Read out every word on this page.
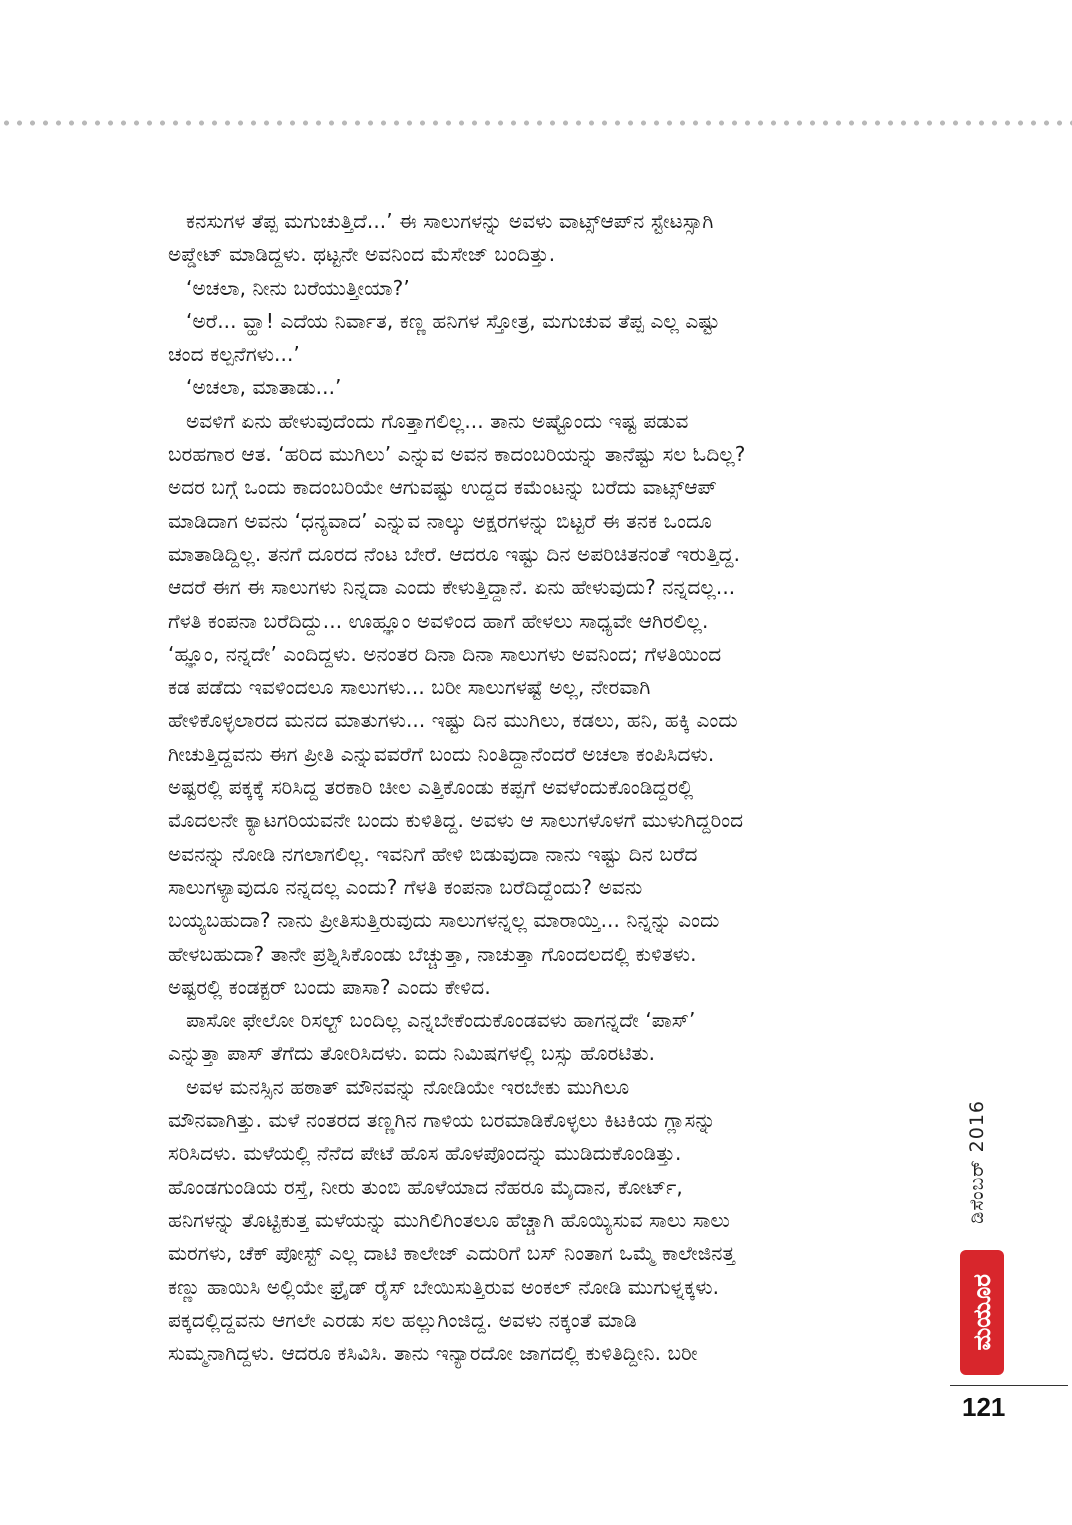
ಕನಸುಗಳ ತೆಪ್ಪ ಮಗುಚುತ್ತಿದೆ...’ ಈ ಸಾಲುಗಳನ್ನು ಅವಳು ವಾಟ್ಸ್‌ಆಪ್‌ನ ಸ್ಟೇಟಸ್ಸಾಗಿ
ಅಪ್ಡೇಟ್ ಮಾಡಿದ್ದಳು. ಥಟ್ಟನೇ ಅವನಿಂದ ಮೆಸೇಜ್ ಬಂದಿತ್ತು.
‘ಅಚಲಾ, ನೀನು ಬರೆಯುತ್ತೀಯಾ?’
‘ಅರೆ... ವ್ಹಾ! ಎದೆಯ ನಿರ್ವಾತ, ಕಣ್ಣ ಹನಿಗಳ ಸ್ತೋತ್ರ, ಮಗುಚುವ ತೆಪ್ಪ ಎಲ್ಲ ಎಷ್ಟು
ಚಂದ ಕಲ್ಪನೆಗಳು...’
‘ಅಚಲಾ, ಮಾತಾಡು...’
ಅವಳಿಗೆ ಏನು ಹೇಳುವುದೆಂದು ಗೊತ್ತಾಗಲಿಲ್ಲ... ತಾನು ಅಷ್ಟೊಂದು ಇಷ್ಟ ಪಡುವ
ಬರಹಗಾರ ಆತ. ‘ಹರಿದ ಮುಗಿಲು’ ಎನ್ನುವ ಅವನ ಕಾದಂಬರಿಯನ್ನು ತಾನೆಷ್ಟು ಸಲ ಓದಿಲ್ಲ?
ಅದರ ಬಗ್ಗೆ ಒಂದು ಕಾದಂಬರಿಯೇ ಆಗುವಷ್ಟು ಉದ್ದದ ಕಮೆಂಟನ್ನು ಬರೆದು ವಾಟ್ಸ್‌ಆಪ್
ಮಾಡಿದಾಗ ಅವನು ‘ಧನ್ಯವಾದ’ ಎನ್ನುವ ನಾಲ್ಕು ಅಕ್ಷರಗಳನ್ನು ಬಿಟ್ಟರೆ ಈ ತನಕ ಒಂದೂ
ಮಾತಾಡಿದ್ದಿಲ್ಲ. ತನಗೆ ದೂರದ ನೆಂಟ ಬೇರೆ. ಆದರೂ ಇಷ್ಟು ದಿನ ಅಪರಿಚಿತನಂತೆ ಇರುತ್ತಿದ್ದ.
ಆದರೆ ಈಗ ಈ ಸಾಲುಗಳು ನಿನ್ನದಾ ಎಂದು ಕೇಳುತ್ತಿದ್ದಾನೆ. ಏನು ಹೇಳುವುದು? ನನ್ನದಲ್ಲ...
ಗೆಳತಿ ಕಂಪನಾ ಬರೆದಿದ್ದು... ಊಹ್ಞೂಂ ಅವಳಿಂದ ಹಾಗೆ ಹೇಳಲು ಸಾಧ್ಯವೇ ಆಗಿರಲಿಲ್ಲ.
‘ಹ್ಞೂಂ, ನನ್ನದೇ’ ಎಂದಿದ್ದಳು. ಅನಂತರ ದಿನಾ ದಿನಾ ಸಾಲುಗಳು ಅವನಿಂದ; ಗೆಳತಿಯಿಂದ
ಕಡ ಪಡೆದು ಇವಳಿಂದಲೂ ಸಾಲುಗಳು... ಬರೀ ಸಾಲುಗಳಷ್ಟೆ ಅಲ್ಲ, ನೇರವಾಗಿ
ಹೇಳಿಕೊಳ್ಳಲಾರದ ಮನದ ಮಾತುಗಳು... ಇಷ್ಟು ದಿನ ಮುಗಿಲು, ಕಡಲು, ಹನಿ, ಹಕ್ಕಿ ಎಂದು
ಗೀಚುತ್ತಿದ್ದವನು ಈಗ ಪ್ರೀತಿ ಎನ್ನುವವರೆಗೆ ಬಂದು ನಿಂತಿದ್ದಾನೆಂದರೆ ಅಚಲಾ ಕಂಪಿಸಿದಳು.
ಅಷ್ಟರಲ್ಲಿ ಪಕ್ಕಕ್ಕೆ ಸರಿಸಿದ್ದ ತರಕಾರಿ ಚೀಲ ಎತ್ತಿಕೊಂಡು ಕಪ್ಪಗೆ ಅವಳೆಂದುಕೊಂಡಿದ್ದರಲ್ಲಿ
ಮೊದಲನೇ ಕ್ಯಾಟಗರಿಯವನೇ ಬಂದು ಕುಳಿತಿದ್ದ. ಅವಳು ಆ ಸಾಲುಗಳೊಳಗೆ ಮುಳುಗಿದ್ದರಿಂದ
ಅವನನ್ನು ನೋಡಿ ನಗಲಾಗಲಿಲ್ಲ. ಇವನಿಗೆ ಹೇಳಿ ಬಿಡುವುದಾ ನಾನು ಇಷ್ಟು ದಿನ ಬರೆದ
ಸಾಲುಗಳ್ಯಾವುದೂ ನನ್ನದಲ್ಲ ಎಂದು? ಗೆಳತಿ ಕಂಪನಾ ಬರೆದಿದ್ದೆಂದು? ಅವನು
ಬಯ್ಯಬಹುದಾ? ನಾನು ಪ್ರೀತಿಸುತ್ತಿರುವುದು ಸಾಲುಗಳನ್ನಲ್ಲ ಮಾರಾಯ್ತಿ... ನಿನ್ನನ್ನು ಎಂದು
ಹೇಳಬಹುದಾ? ತಾನೇ ಪ್ರಶ್ನಿಸಿಕೊಂಡು ಬೆಚ್ಚುತ್ತಾ, ನಾಚುತ್ತಾ ಗೊಂದಲದಲ್ಲಿ ಕುಳಿತಳು.
ಅಷ್ಟರಲ್ಲಿ ಕಂಡಕ್ಟರ್ ಬಂದು ಪಾಸಾ? ಎಂದು ಕೇಳಿದ.
ಪಾಸೋ ಫೇಲೋ ರಿಸಲ್ಟ್ ಬಂದಿಲ್ಲ ಎನ್ನಬೇಕೆಂದುಕೊಂಡವಳು ಹಾಗನ್ನದೇ ‘ಪಾಸ್’
ಎನ್ನುತ್ತಾ ಪಾಸ್ ತೆಗೆದು ತೋರಿಸಿದಳು. ಐದು ನಿಮಿಷಗಳಲ್ಲಿ ಬಸ್ಸು ಹೊರಟಿತು.
ಅವಳ ಮನಸ್ಸಿನ ಹಠಾತ್ ಮೌನವನ್ನು ನೋಡಿಯೇ ಇರಬೇಕು ಮುಗಿಲೂ
ಮೌನವಾಗಿತ್ತು. ಮಳೆ ನಂತರದ ತಣ್ಣಗಿನ ಗಾಳಿಯ ಬರಮಾಡಿಕೊಳ್ಳಲು ಕಿಟಕಿಯ ಗ್ಲಾಸನ್ನು
ಸರಿಸಿದಳು. ಮಳೆಯಲ್ಲಿ ನೆನೆದ ಪೇಟೆ ಹೊಸ ಹೊಳಪೊಂದನ್ನು ಮುಡಿದುಕೊಂಡಿತ್ತು.
ಹೊಂಡಗುಂಡಿಯ ರಸ್ತೆ, ನೀರು ತುಂಬಿ ಹೊಳೆಯಾದ ನೆಹರೂ ಮೈದಾನ, ಕೋರ್ಟ್,
ಹನಿಗಳನ್ನು ತೊಟ್ಟಿಕುತ್ತ ಮಳೆಯನ್ನು ಮುಗಿಲಿಗಿಂತಲೂ ಹೆಚ್ಚಾಗಿ ಹೊಯ್ಯಿಸುವ ಸಾಲು ಸಾಲು
ಮರಗಳು, ಚೆಕ್ ಪೋಸ್ಟ್ ಎಲ್ಲ ದಾಟಿ ಕಾಲೇಜ್ ಎದುರಿಗೆ ಬಸ್ ನಿಂತಾಗ ಒಮ್ಮೆ ಕಾಲೇಜಿನತ್ತ
ಕಣ್ಣು ಹಾಯಿಸಿ ಅಲ್ಲಿಯೇ ಫ್ರೈಡ್ ರೈಸ್ ಬೇಯಿಸುತ್ತಿರುವ ಅಂಕಲ್ ನೋಡಿ ಮುಗುಳ್ನಕ್ಕಳು.
ಪಕ್ಕದಲ್ಲಿದ್ದವನು ಆಗಲೇ ಎರಡು ಸಲ ಹಲ್ಲುಗಿಂಜಿದ್ದ. ಅವಳು ನಕ್ಕಂತೆ ಮಾಡಿ
ಸುಮ್ಮನಾಗಿದ್ದಳು. ಆದರೂ ಕಸಿವಿಸಿ. ತಾನು ಇನ್ಯಾರದೋ ಜಾಗದಲ್ಲಿ ಕುಳಿತಿದ್ದೀನಿ. ಬರೀ
ಡಿಸೆಂಬರ್ 2016
ಮಯೂರ
121
